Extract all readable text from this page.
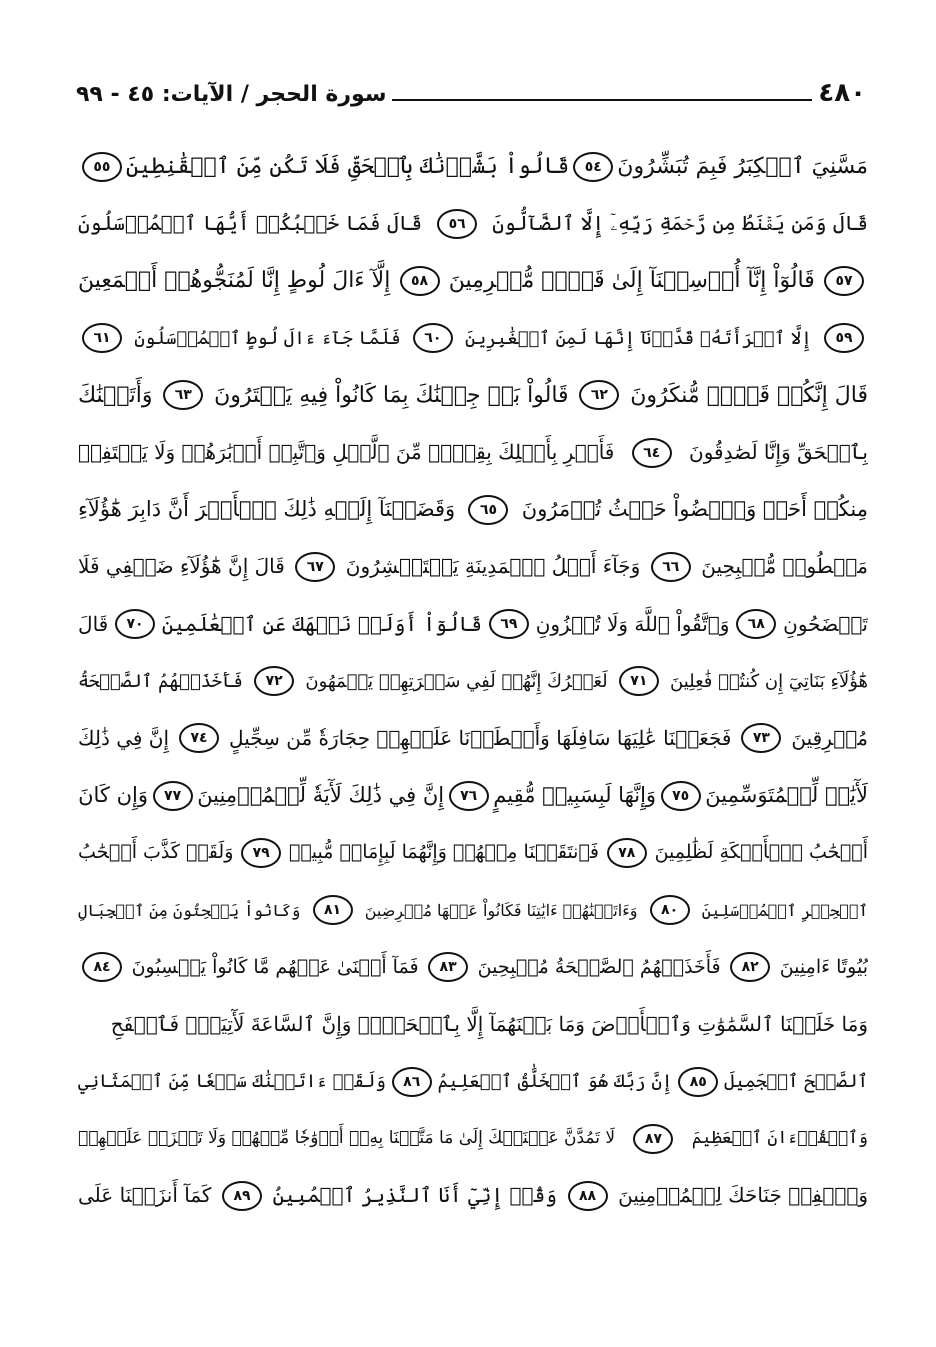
٤٨٠
سورة الحجر / الآيات: ٤٥ - ٩٩
مَسَّنِيَ ٱلۡكِبَرُ فَبِمَ تُبَشِّرُونَ
٥٤
قَالُواْ بَشَّرۡنَٰكَ بِٱلۡحَقِّ فَلَا تَكُن مِّنَ ٱلۡقَٰنِطِينَ
٥٥
قَالَ وَمَن يَقۡنَطُ مِن رَّحۡمَةِ رَبِّهِۦٓ إِلَّا ٱلضَّآلُّونَ
٥٦
قَالَ فَمَا خَطۡبُكُمۡ أَيُّهَا ٱلۡمُرۡسَلُونَ
٥٧
قَالُوٓاْ إِنَّآ أُرۡسِلۡنَآ إِلَىٰ قَوۡمٖ مُّجۡرِمِينَ
٥٨
إِلَّآ ءَالَ لُوطٍ إِنَّا لَمُنَجُّوهُمۡ أَجۡمَعِينَ
٥٩
إِلَّا ٱمۡرَأَتَهُۥ قَدَّرۡنَآ إِنَّهَا لَمِنَ ٱلۡغَٰبِرِينَ
٦٠
فَلَمَّا جَآءَ ءَالَ لُوطٍ ٱلۡمُرۡسَلُونَ
٦١
قَالَ إِنَّكُمۡ قَوۡمٞ مُّنكَرُونَ
٦٢
قَالُواْ بَلۡ جِئۡنَٰكَ بِمَا كَانُواْ فِيهِ يَمۡتَرُونَ
٦٣
وَأَتَيۡنَٰكَ
بِٱلۡحَقِّ وَإِنَّا لَصَٰدِقُونَ
٦٤
فَأَسۡرِ بِأَهۡلِكَ بِقِطۡعٖ مِّنَ ٱلَّيۡلِ وَٱتَّبِعۡ أَدۡبَٰرَهُمۡ وَلَا يَلۡتَفِتۡ
مِنكُمۡ أَحَدٞ وَٱمۡضُواْ حَيۡثُ تُؤۡمَرُونَ
٦٥
وَقَضَيۡنَآ إِلَيۡهِ ذَٰلِكَ ٱلۡأَمۡرَ أَنَّ دَابِرَ هَٰٓؤُلَآءِ
مَقۡطُوعٞ مُّصۡبِحِينَ
٦٦
وَجَآءَ أَهۡلُ ٱلۡمَدِينَةِ يَسۡتَبۡشِرُونَ
٦٧
قَالَ إِنَّ هَٰٓؤُلَآءِ ضَيۡفِي فَلَا
تَفۡضَحُونِ
٦٨
وَٱتَّقُواْ ٱللَّهَ وَلَا تُخۡزُونِ
٦٩
قَالُوٓاْ أَوَلَمۡ نَنۡهَكَ عَنِ ٱلۡعَٰلَمِينَ
٧٠
قَالَ
هَٰٓؤُلَآءِ بَنَاتِيٓ إِن كُنتُمۡ فَٰعِلِينَ
٧١
لَعَمۡرُكَ إِنَّهُمۡ لَفِي سَكۡرَتِهِمۡ يَعۡمَهُونَ
٧٢
فَأَخَذَتۡهُمُ ٱلصَّيۡحَةُ
مُشۡرِقِينَ
٧٣
فَجَعَلۡنَا عَٰلِيَهَا سَافِلَهَا وَأَمۡطَرۡنَا عَلَيۡهِمۡ حِجَارَةٗ مِّن سِجِّيلٍ
٧٤
إِنَّ فِي ذَٰلِكَ
لَأٓيَٰتٖ لِّلۡمُتَوَسِّمِينَ
٧٥
وَإِنَّهَا لَبِسَبِيلٖ مُّقِيمٍ
٧٦
إِنَّ فِي ذَٰلِكَ لَأٓيَةٗ لِّلۡمُؤۡمِنِينَ
٧٧
وَإِن كَانَ
أَصۡحَٰبُ ٱلۡأَيۡكَةِ لَظَٰلِمِينَ
٧٨
فَٱنتَقَمۡنَا مِنۡهُمۡ وَإِنَّهُمَا لَبِإِمَامٖ مُّبِينٖ
٧٩
وَلَقَدۡ كَذَّبَ أَصۡحَٰبُ
ٱلۡحِجۡرِ ٱلۡمُرۡسَلِينَ
٨٠
وَءَاتَيۡنَٰهُمۡ ءَايَٰتِنَا فَكَانُواْ عَنۡهَا مُعۡرِضِينَ
٨١
وَكَانُواْ يَنۡحِتُونَ مِنَ ٱلۡجِبَالِ
بُيُوتًا ءَامِنِينَ
٨٢
فَأَخَذَتۡهُمُ ٱلصَّيۡحَةُ مُصۡبِحِينَ
٨٣
فَمَآ أَغۡنَىٰ عَنۡهُم مَّا كَانُواْ يَكۡسِبُونَ
٨٤
وَمَا خَلَقۡنَا ٱلسَّمَٰوَٰتِ وَٱلۡأَرۡضَ وَمَا بَيۡنَهُمَآ إِلَّا بِٱلۡحَقِّۗ وَإِنَّ ٱلسَّاعَةَ لَأٓتِيَةٞۖ فَٱصۡفَحِ
ٱلصَّفۡحَ ٱلۡجَمِيلَ
٨٥
إِنَّ رَبَّكَ هُوَ ٱلۡخَلَّٰقُ ٱلۡعَلِيمُ
٨٦
وَلَقَدۡ ءَاتَيۡنَٰكَ سَبۡعٗا مِّنَ ٱلۡمَثَانِي
وَٱلۡقُرۡءَانَ ٱلۡعَظِيمَ
٨٧
لَا تَمُدَّنَّ عَيۡنَيۡكَ إِلَىٰ مَا مَتَّعۡنَا بِهِۦٓ أَزۡوَٰجٗا مِّنۡهُمۡ وَلَا تَحۡزَنۡ عَلَيۡهِمۡ
وَٱخۡفِضۡ جَنَاحَكَ لِلۡمُؤۡمِنِينَ
٨٨
وَقُلۡ إِنِّيٓ أَنَا ٱلنَّذِيرُ ٱلۡمُبِينُ
٨٩
كَمَآ أَنزَلۡنَا عَلَى
